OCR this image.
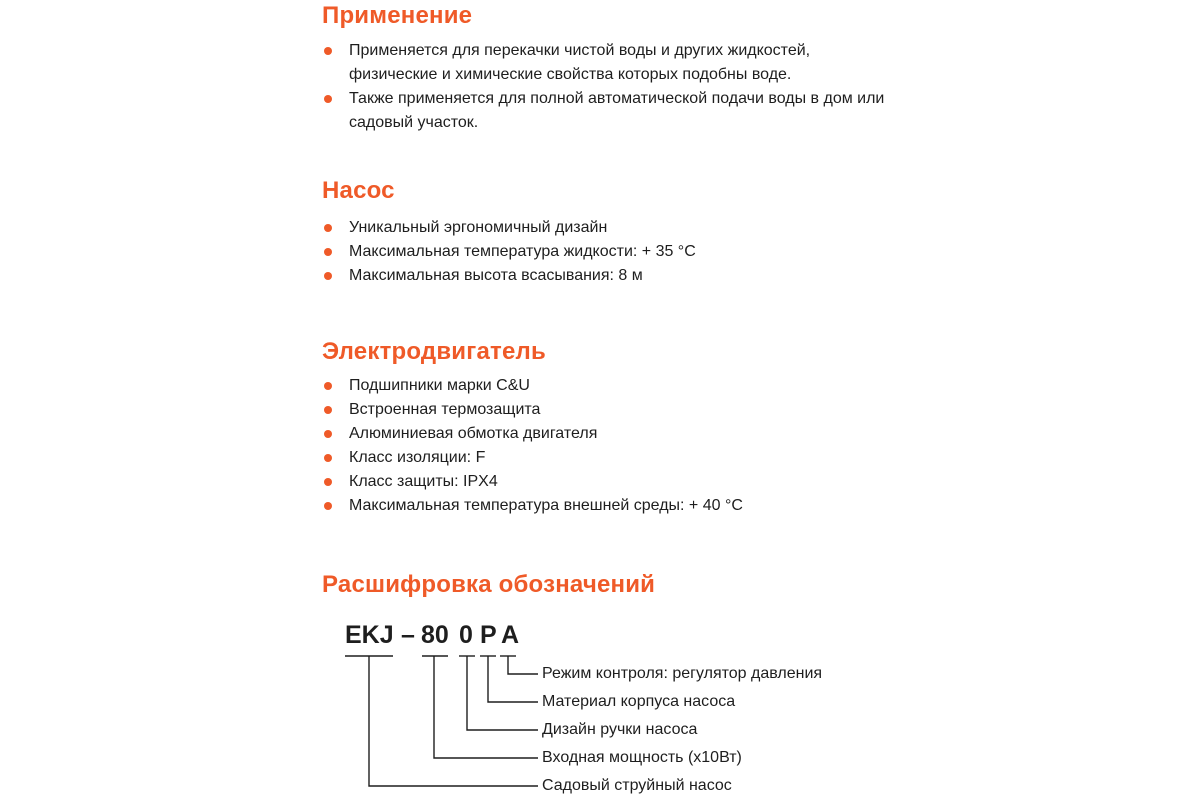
Применение
Применяется для перекачки чистой воды и других жидкостей, физические и химические свойства которых подобны воде.
Также применяется для полной автоматической подачи воды в дом или садовый участок.
Насос
Уникальный эргономичный дизайн
Максимальная температура жидкости: + 35 °C
Максимальная высота всасывания: 8 м
Электродвигатель
Подшипники марки C&U
Встроенная термозащита
Алюминиевая обмотка двигателя
Класс изоляции: F
Класс защиты: IPX4
Максимальная температура внешней среды: + 40 °C
Расшифровка обозначений
EKJ – 80 0 P A
Режим контроля: регулятор давления
Материал корпуса насоса
Дизайн ручки насоса
Входная мощность (x10Вт)
Садовый струйный насос
